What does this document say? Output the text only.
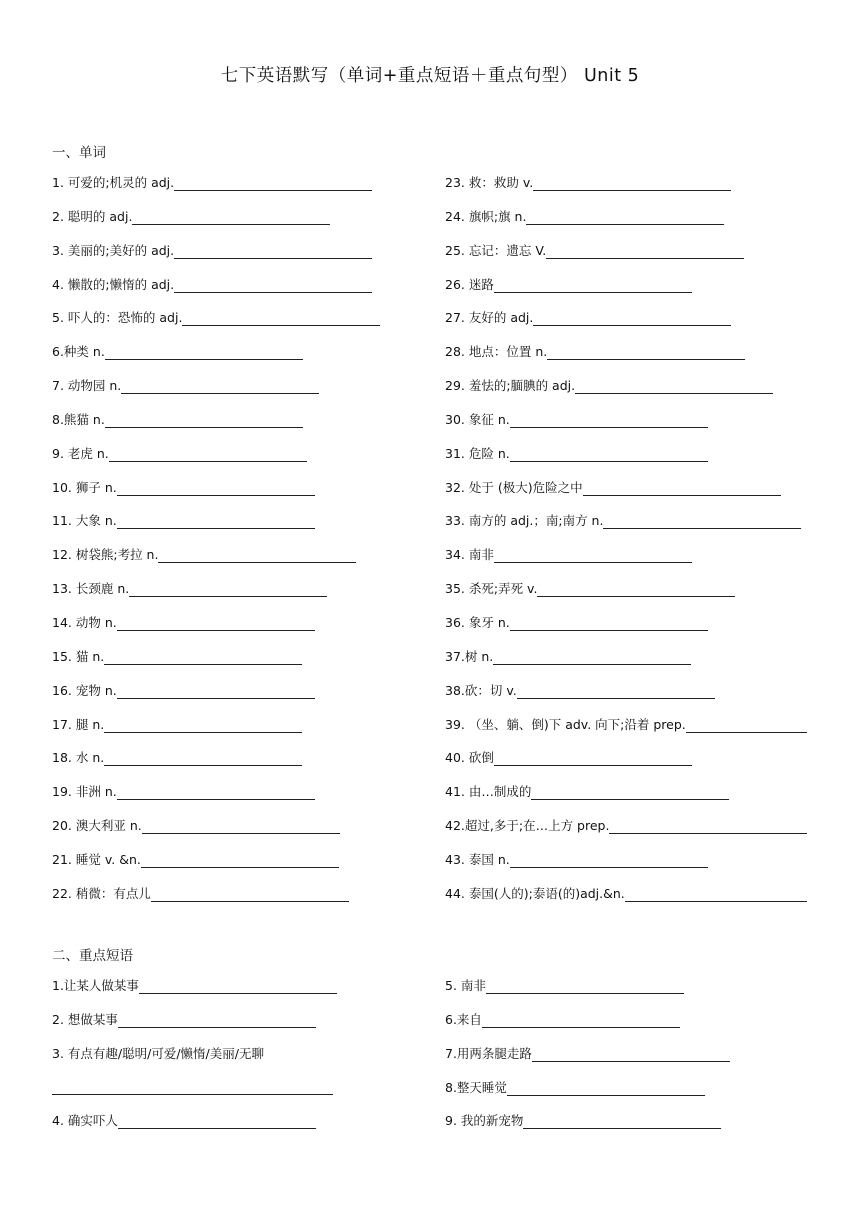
七下英语默写（单词+重点短语＋重点句型） Unit 5
一、单词
1. 可爱的;机灵的 adj.
2. 聪明的 adj.
3. 美丽的;美好的 adj.
4. 懒散的;懒惰的 adj.
5. 吓人的：恐怖的 adj.
6.种类 n.
7. 动物园 n.
8.熊猫 n.
9. 老虎 n.
10. 狮子 n.
11. 大象 n.
12. 树袋熊;考拉 n.
13. 长颈鹿 n.
14. 动物 n.
15. 猫 n.
16. 宠物 n.
17. 腿 n.
18. 水 n.
19. 非洲 n.
20. 澳大利亚 n.
21. 睡觉 v. &n.
22. 稍微：有点儿
23. 救：救助 v.
24. 旗帜;旗 n.
25. 忘记：遗忘 V.
26. 迷路
27. 友好的 adj.
28. 地点：位置 n.
29. 羞怯的;腼腆的 adj.
30. 象征 n.
31. 危险 n.
32. 处于 (极大)危险之中
33. 南方的 adj.；南;南方 n.
34. 南非
35. 杀死;弄死 v.
36. 象牙 n.
37.树 n.
38.砍：切 v.
39. （坐、躺、倒)下 adv. 向下;沿着 prep.
40. 砍倒
41. 由…制成的
42.超过,多于;在…上方 prep.
43. 泰国 n.
44. 泰国(人的);泰语(的)adj.&n.
二、重点短语
1.让某人做某事
2. 想做某事
3. 有点有趣/聪明/可爱/懒惰/美丽/无聊
4. 确实吓人
5. 南非
6.来自
7.用两条腿走路
8.整天睡觉
9. 我的新宠物
